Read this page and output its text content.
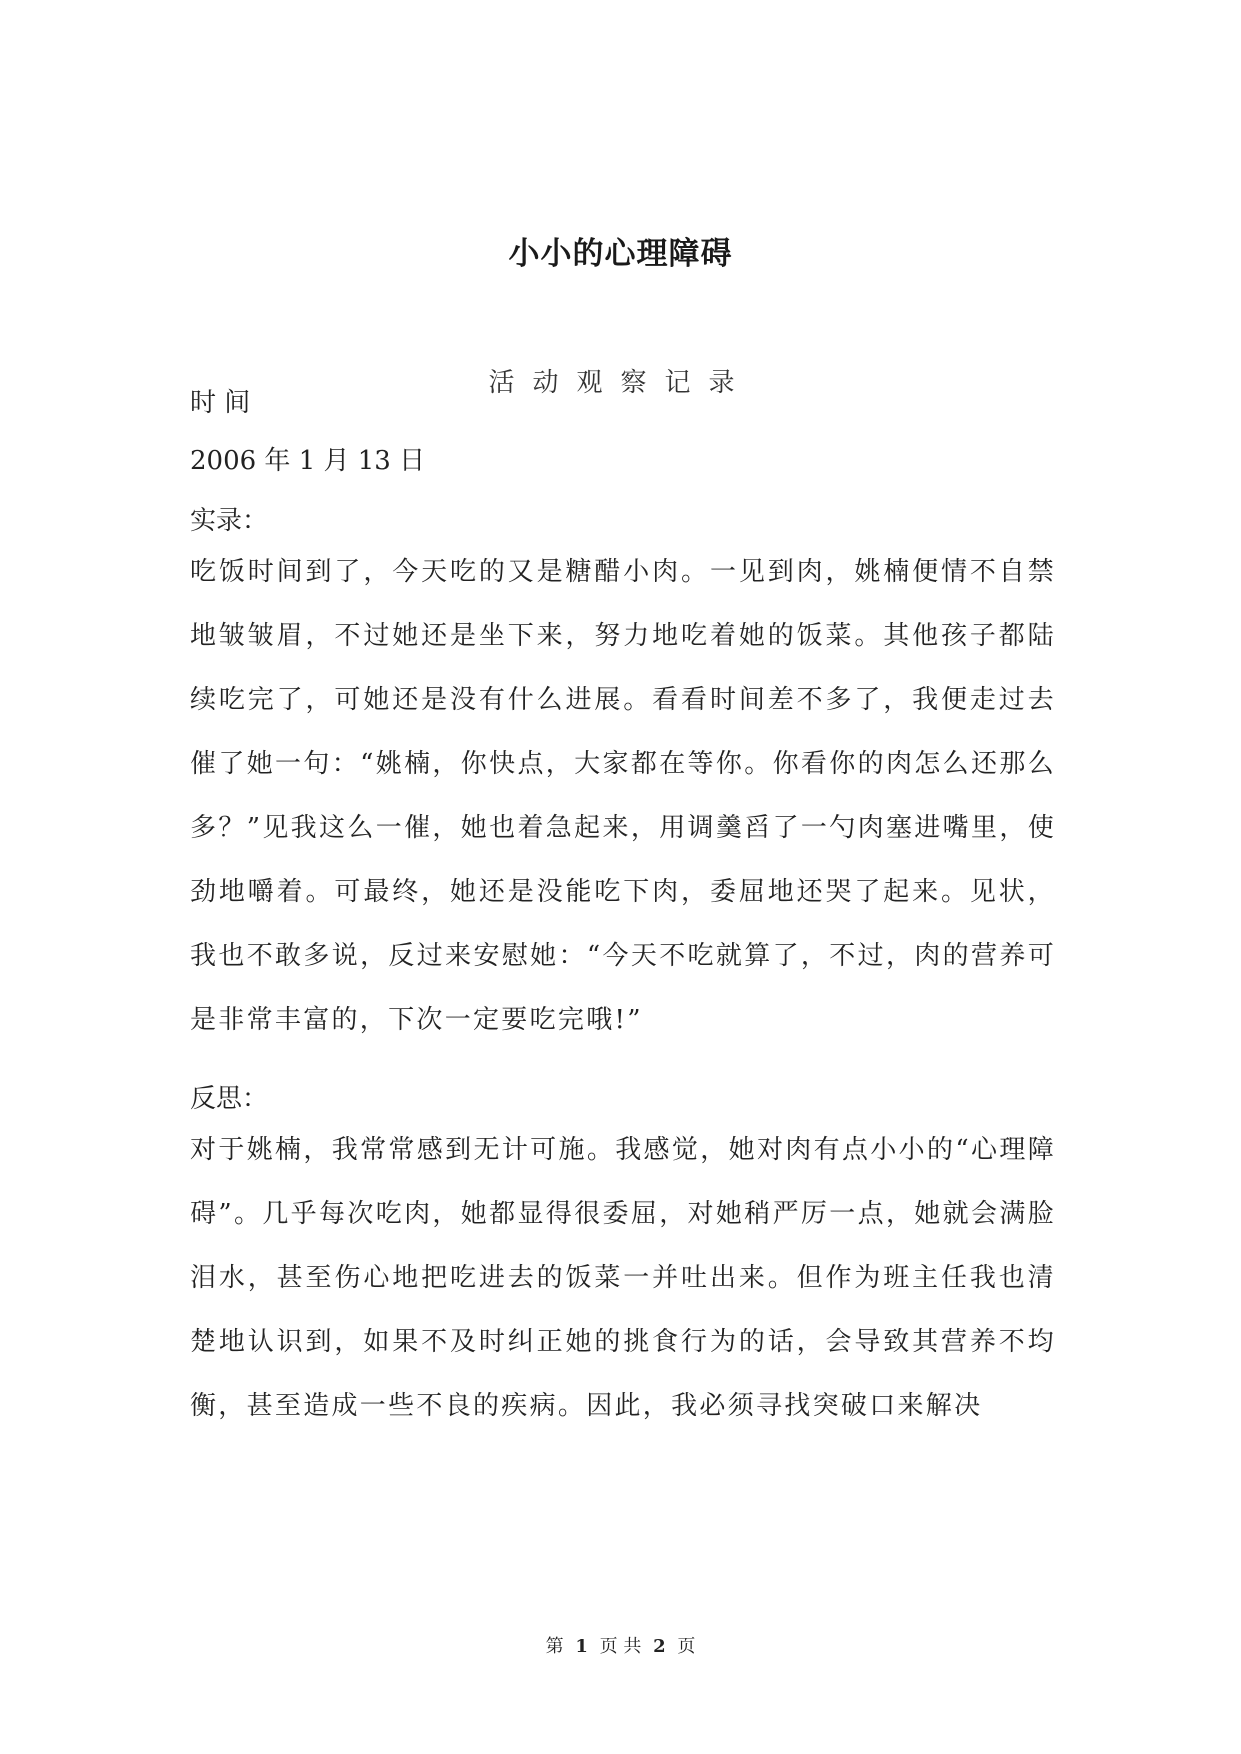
小小的心理障碍
活动观察记录
时 间
2006 年 1 月 13 日
实录：
吃饭时间到了，今天吃的又是糖醋小肉。一见到肉，姚楠便情不自禁地皱皱眉，不过她还是坐下来，努力地吃着她的饭菜。其他孩子都陆续吃完了，可她还是没有什么进展。看看时间差不多了，我便走过去催了她一句：“姚楠，你快点，大家都在等你。你看你的肉怎么还那么多？”见我这么一催，她也着急起来，用调羹舀了一勺肉塞进嘴里，使劲地嚼着。可最终，她还是没能吃下肉，委屈地还哭了起来。见状，我也不敢多说，反过来安慰她：“今天不吃就算了，不过，肉的营养可是非常丰富的，下次一定要吃完哦!”
反思：
对于姚楠，我常常感到无计可施。我感觉，她对肉有点小小的“心理障碍”。几乎每次吃肉，她都显得很委屈，对她稍严厉一点，她就会满脸泪水，甚至伤心地把吃进去的饭菜一并吐出来。但作为班主任我也清楚地认识到，如果不及时纠正她的挑食行为的话，会导致其营养不均衡，甚至造成一些不良的疾病。因此，我必须寻找突破口来解决
第 1 页 共 2 页
